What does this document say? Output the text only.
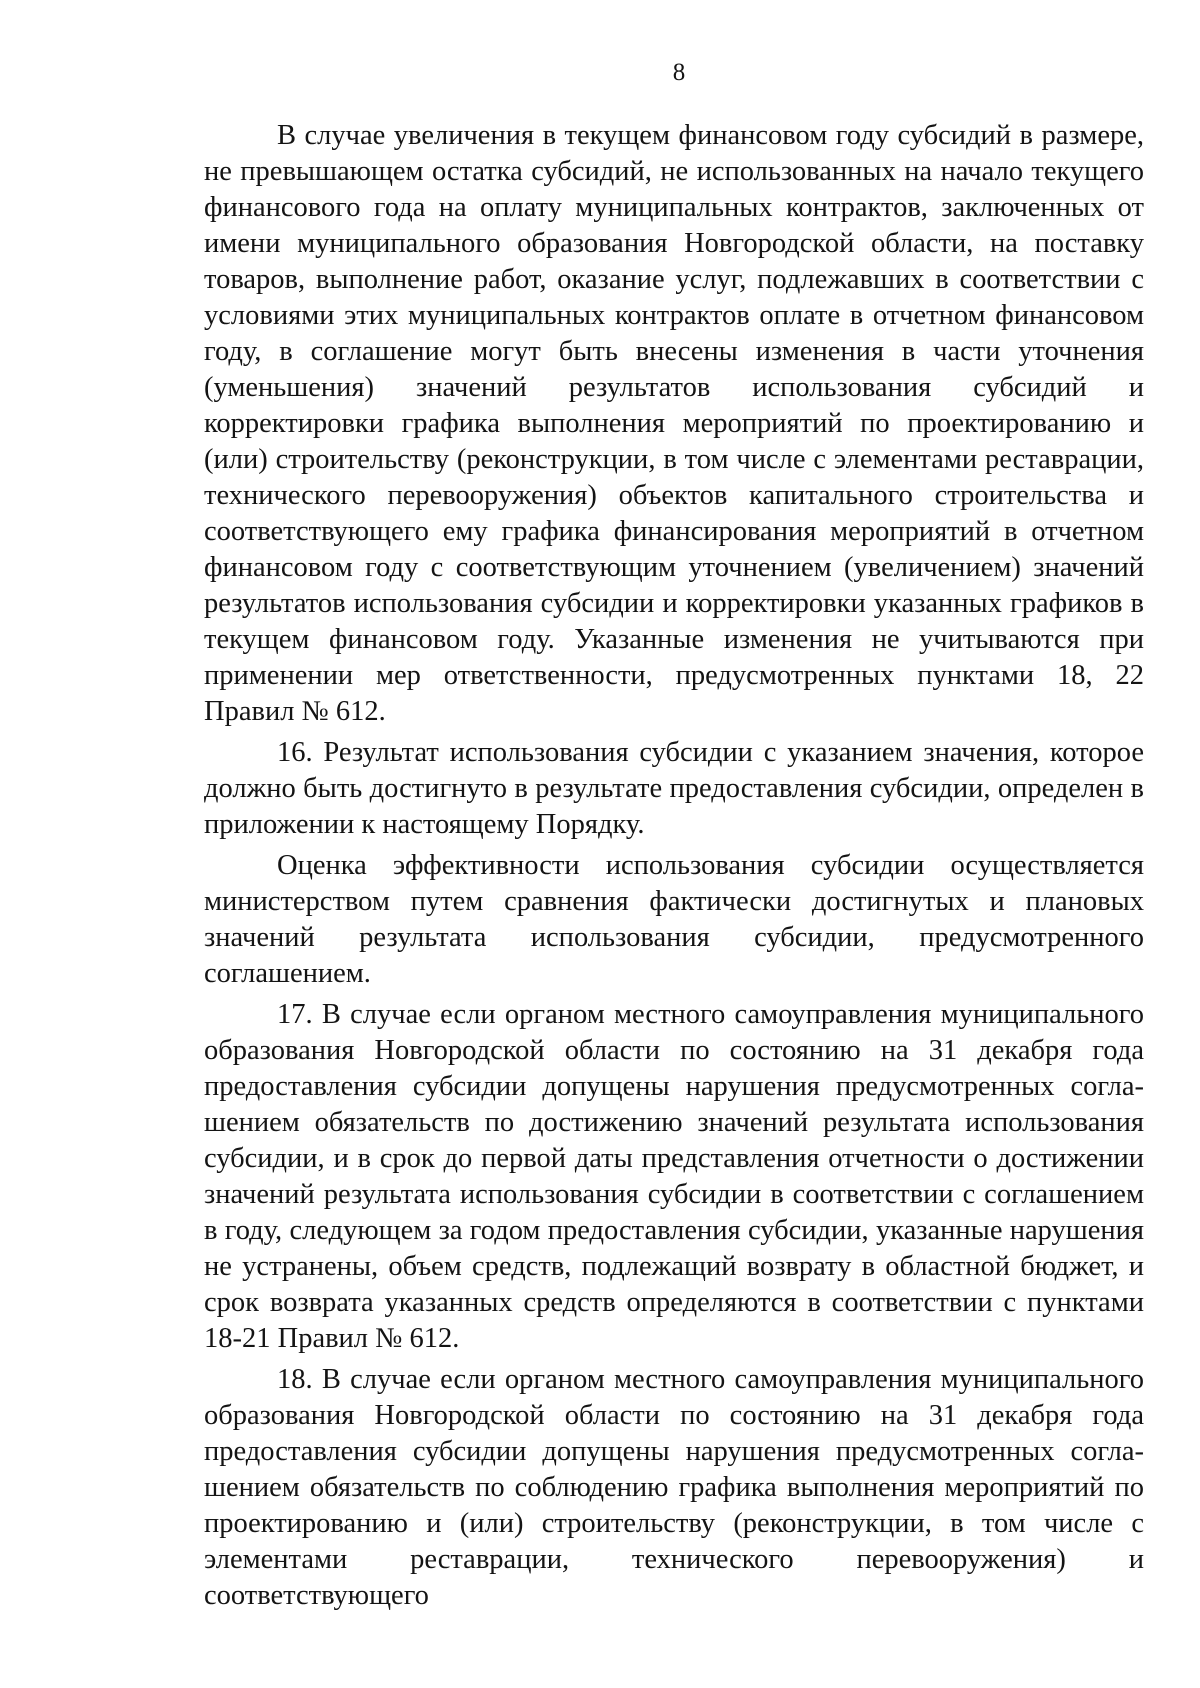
8

В случае увеличения в текущем финансовом году субсидий в размере, не превышающем остатка субсидий, не использованных на начало текущего финансового года на оплату муниципальных контрактов, заключенных от имени муниципального образования Новгородской области, на поставку товаров, выполнение работ, оказание услуг, подлежавших в соответствии с условиями этих муниципальных контрактов оплате в отчетном финансовом году, в соглашение могут быть внесены изменения в части уточнения (уменьшения) значений результатов использования субсидий и корректировки графика выполнения мероприятий по проектированию и (или) строительству (реконструкции, в том числе с элементами реставрации, технического перевооружения) объектов капитального строительства и соответствующего ему графика финансирования мероприятий в отчетном финансовом году с соответствующим уточнением (увеличением) значений результатов использования субсидии и корректировки указанных графиков в текущем финансовом году. Указанные изменения не учитываются при применении мер ответственности, предусмотренных пунктами 18, 22 Правил № 612.

16. Результат использования субсидии с указанием значения, которое должно быть достигнуто в результате предоставления субсидии, определен в приложении к настоящему Порядку.

Оценка эффективности использования субсидии осуществляется министерством путем сравнения фактически достигнутых и плановых значений результата использования субсидии, предусмотренного соглашением.

17. В случае если органом местного самоуправления муниципального образования Новгородской области по состоянию на 31 декабря года предоставления субсидии допущены нарушения предусмотренных согла-шением обязательств по достижению значений результата использования субсидии, и в срок до первой даты представления отчетности о достижении значений результата использования субсидии в соответствии с соглашением в году, следующем за годом предоставления субсидии, указанные нарушения не устранены, объем средств, подлежащий возврату в областной бюджет, и срок возврата указанных средств определяются в соответствии с пунктами 18-21 Правил № 612.

18. В случае если органом местного самоуправления муниципального образования Новгородской области по состоянию на 31 декабря года предоставления субсидии допущены нарушения предусмотренных согла-шением обязательств по соблюдению графика выполнения мероприятий по проектированию и (или) строительству (реконструкции, в том числе с элементами реставрации, технического перевооружения) и соответствующего
